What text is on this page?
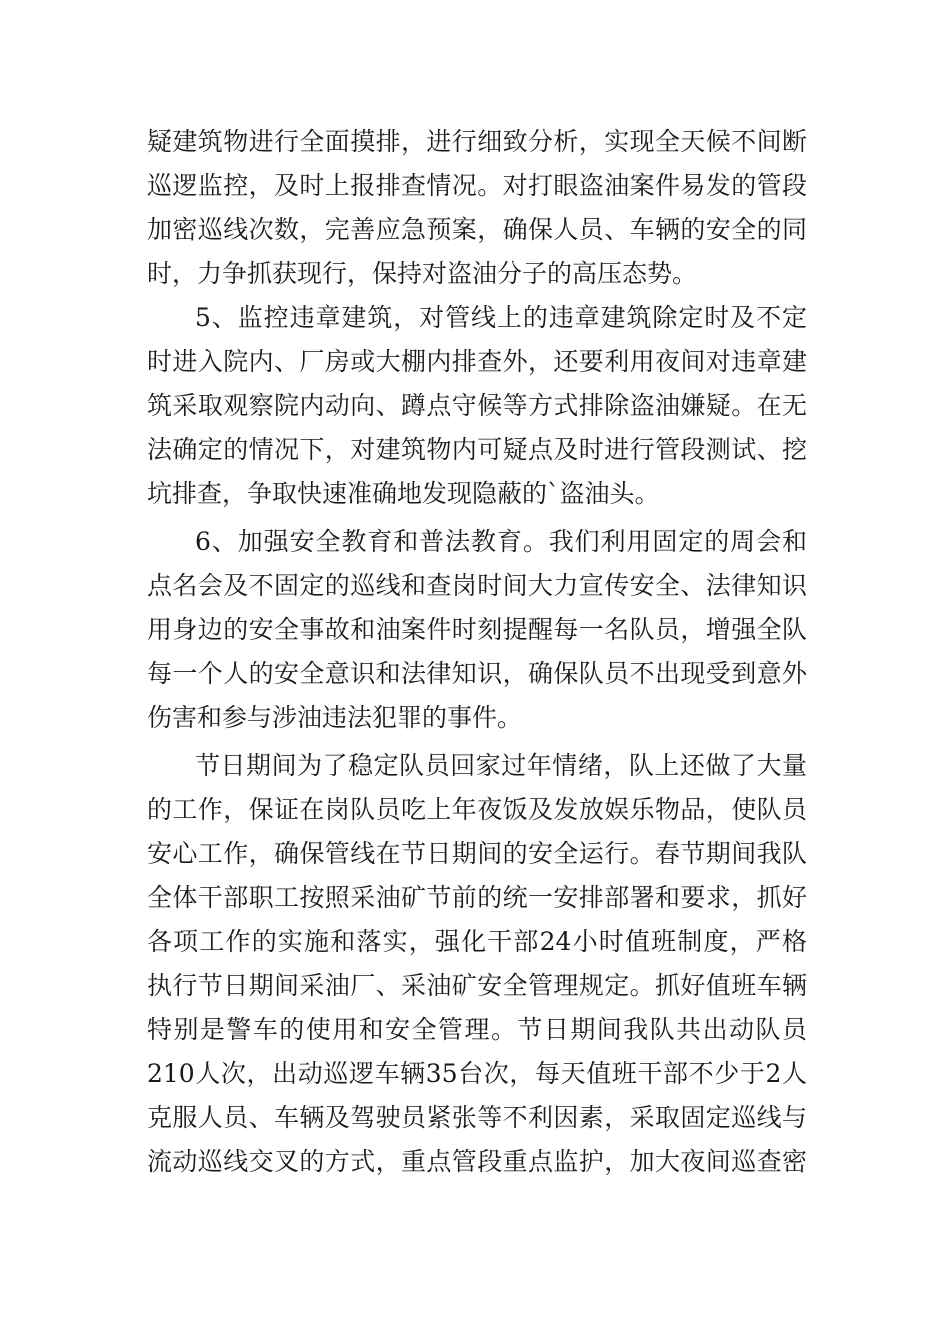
疑建筑物进行全面摸排，进行细致分析，实现全天候不间断
巡逻监控，及时上报排查情况。对打眼盗油案件易发的管段
加密巡线次数，完善应急预案，确保人员、车辆的安全的同
时，力争抓获现行，保持对盗油分子的高压态势。
5、监控违章建筑，对管线上的违章建筑除定时及不定
时进入院内、厂房或大棚内排查外，还要利用夜间对违章建
筑采取观察院内动向、蹲点守候等方式排除盗油嫌疑。在无
法确定的情况下，对建筑物内可疑点及时进行管段测试、挖
坑排查，争取快速准确地发现隐蔽的`盗油头。
6、加强安全教育和普法教育。我们利用固定的周会和
点名会及不固定的巡线和查岗时间大力宣传安全、法律知识
用身边的安全事故和油案件时刻提醒每一名队员，增强全队
每一个人的安全意识和法律知识，确保队员不出现受到意外
伤害和参与涉油违法犯罪的事件。
节日期间为了稳定队员回家过年情绪，队上还做了大量
的工作，保证在岗队员吃上年夜饭及发放娱乐物品，使队员
安心工作，确保管线在节日期间的安全运行。春节期间我队
全体干部职工按照采油矿节前的统一安排部署和要求，抓好
各项工作的实施和落实，强化干部24小时值班制度，严格
执行节日期间采油厂、采油矿安全管理规定。抓好值班车辆
特别是警车的使用和安全管理。节日期间我队共出动队员
210人次，出动巡逻车辆35台次，每天值班干部不少于2人
克服人员、车辆及驾驶员紧张等不利因素，采取固定巡线与
流动巡线交叉的方式，重点管段重点监护，加大夜间巡查密
